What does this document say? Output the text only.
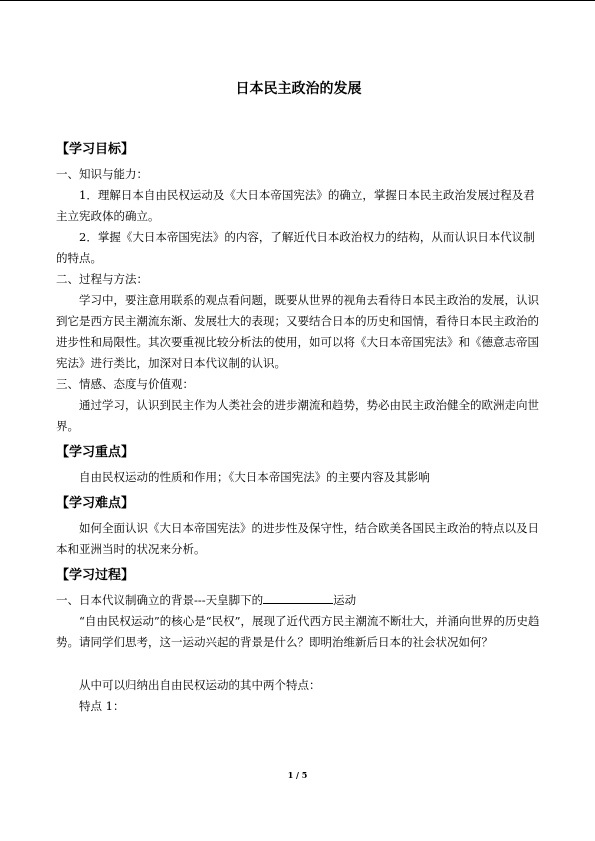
日本民主政治的发展
【学习目标】

一、知识与能力：

1．理解日本自由民权运动及《大日本帝国宪法》的确立，掌握日本民主政治发展过程及君主立宪政体的确立。

2．掌握《大日本帝国宪法》的内容，了解近代日本政治权力的结构，从而认识日本代议制的特点。

二、过程与方法：

学习中，要注意用联系的观点看问题，既要从世界的视角去看待日本民主政治的发展，认识到它是西方民主潮流东渐、发展壮大的表现；又要结合日本的历史和国情，看待日本民主政治的进步性和局限性。其次要重视比较分析法的使用，如可以将《大日本帝国宪法》和《德意志帝国宪法》进行类比，加深对日本代议制的认识。

三、情感、态度与价值观：

通过学习，认识到民主作为人类社会的进步潮流和趋势，势必由民主政治健全的欧洲走向世界。

【学习重点】

自由民权运动的性质和作用；《大日本帝国宪法》的主要内容及其影响

【学习难点】

如何全面认识《大日本帝国宪法》的进步性及保守性，结合欧美各国民主政治的特点以及日本和亚洲当时的状况来分析。

【学习过程】

一、日本代议制确立的背景---天皇脚下的	运动

“自由民权运动”的核心是“民权”，展现了近代西方民主潮流不断壮大，并涌向世界的历史趋势。请同学们思考，这一运动兴起的背景是什么？即明治维新后日本的社会状况如何？

从中可以归纳出自由民权运动的其中两个特点：

特点 1：

1 / 5
